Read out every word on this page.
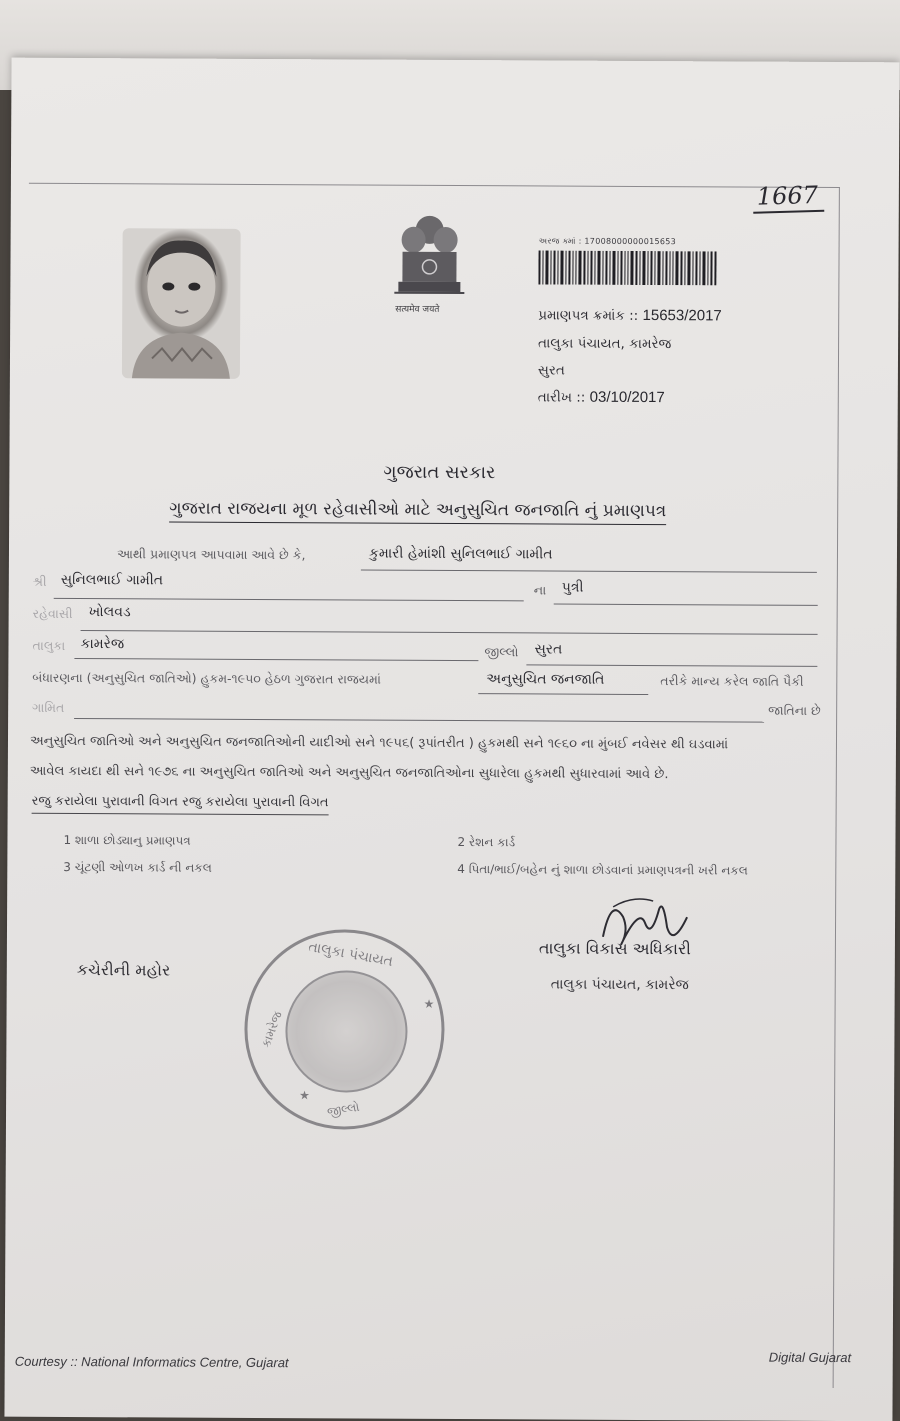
1667
सत्यमेव जयते
અરજ ક્માં : 17008000000015653
પ્રમાણપત્ર ક્રમાંક :: 15653/2017
તાલુકા પંચાયત, કામરેજ
સુરત
તારીખ :: 03/10/2017
ગુજરાત સરકાર
ગુજરાત રાજયના મૂળ રહેવાસીઓ માટે અનુસુચિત જનજાતિ નું પ્રમાણપત્ર
આથી પ્રમાણપત્ર આપવામા આવે છે કે,	કુમારી હેમાંશી સુનિલભાઈ ગામીત
શ્રી સુનિલભાઈ ગામીત
ના પુત્રી
રહેવાસી ખોલવડ
તાલુકા કામરેજ	જીલ્લો સુરત
બંધારણના (અનુસુચિત જાતિઓ) હુકમ-૧૯૫૦ હેઠળ ગુજરાત રાજયમાં	અનુસુચિત જનજાતિ	તરીકે માન્ય કરેલ જાતિ પૈકી
ગામિત	જાતિના છે
અનુસુચિત જાતિઓ અને અનુસુચિત જનજાતિઓની યાદીઓ સને ૧૯૫૬( રૂપાંતરીત ) હુકમથી સને ૧૯૬૦ ના મુંબઈ નવેસર થી ઘડવામાં
આવેલ કાયદા થી સને ૧૯૭૬ ના અનુસુચિત જાતિઓ અને અનુસુચિત જનજાતિઓના સુધારેલા હુકમથી સુધારવામાં આવે છે.
રજુ કરાયેલા પુરાવાની વિગત રજુ કરાયેલા પુરાવાની વિગત
1 શાળા છોડ્યાનુ પ્રમાણપત્ર	2 રેશન કાર્ડ
3 ચૂંટણી ઓળખ કાર્ડ ની નકલ	4 પિતા/ભાઈ/બહેન નું શાળા છોડવાનાં પ્રમાણપત્રની ખરી નકલ
તાલુકા વિકાસ અધિકારી
તાલુકા પંચાયત, કામરેજ
કચેરીની મહોર	તાલુકા પંચાયત
કામરેજ
જીલ્લો
★
★
Courtesy :: National Informatics Centre, Gujarat	Digital Gujarat
